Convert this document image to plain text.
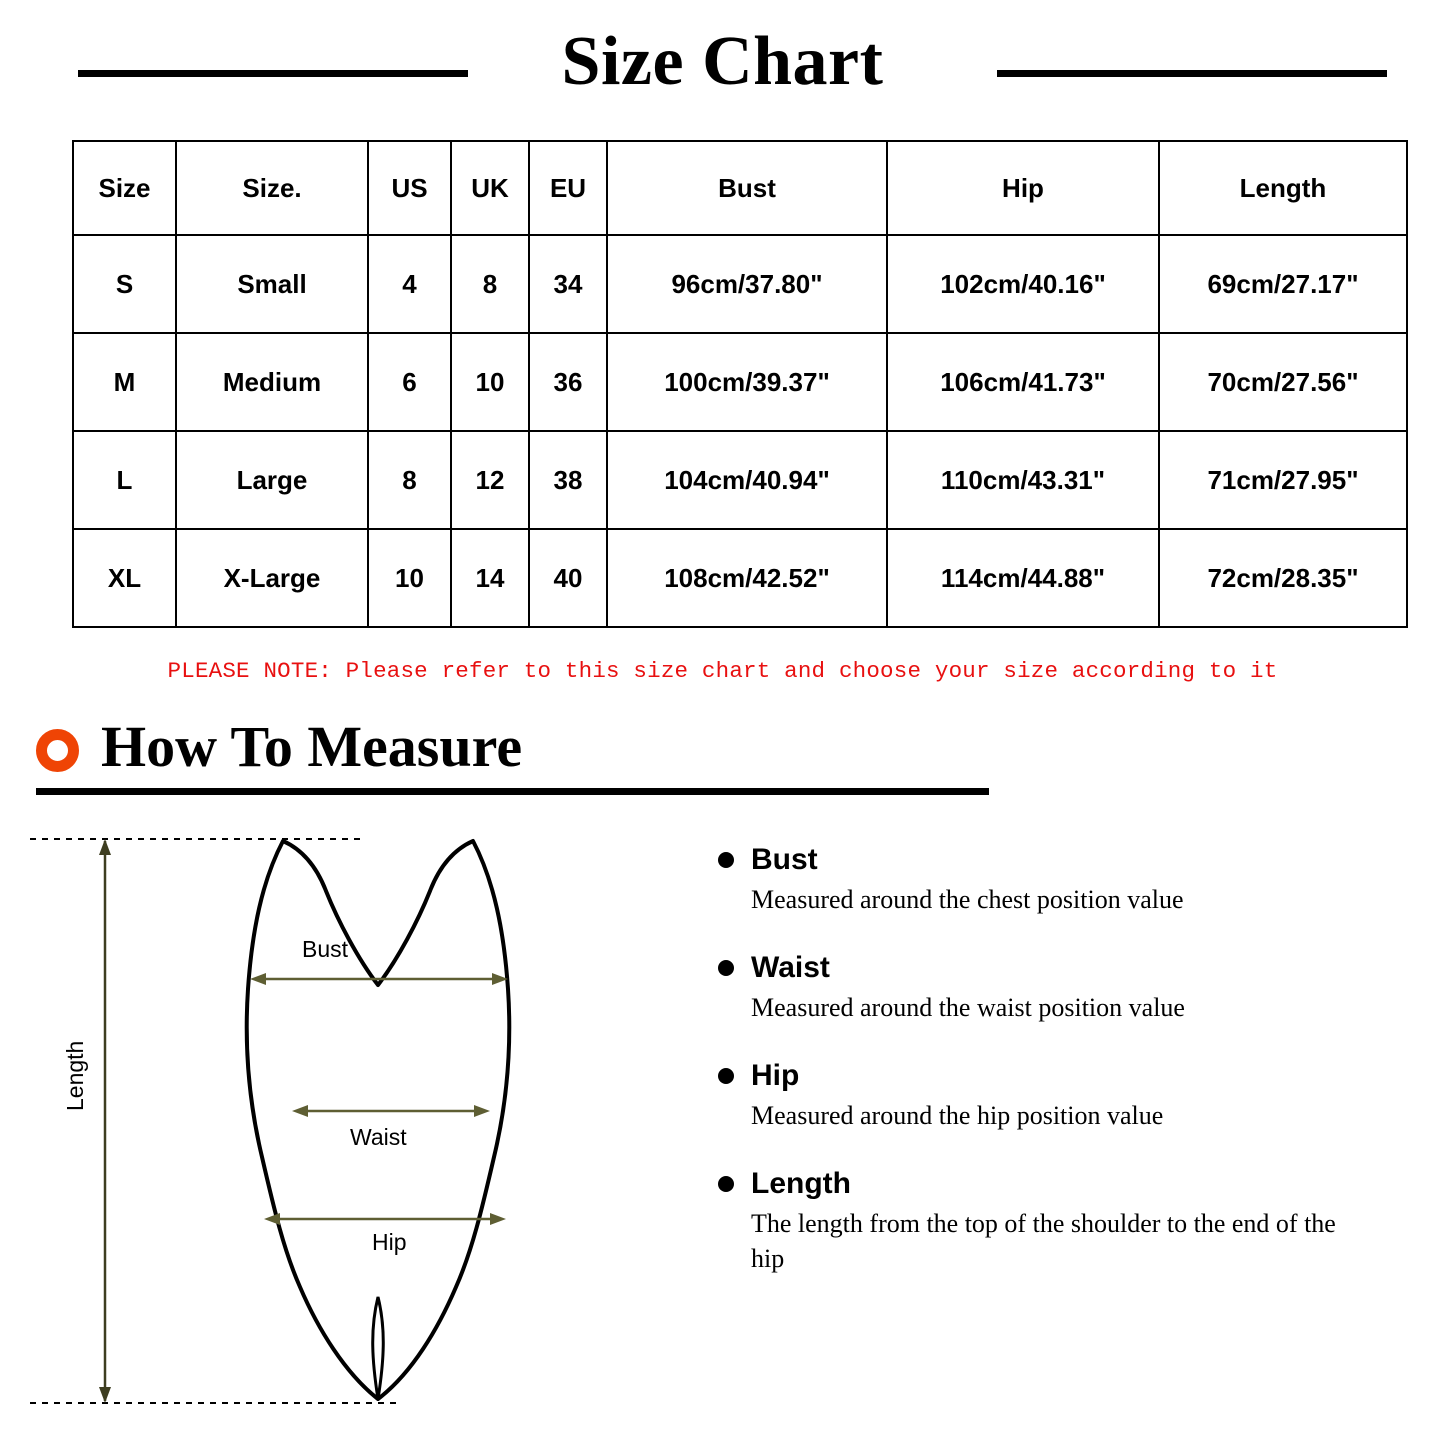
Size Chart
Size	Size.	US	UK	EU	Bust	Hip	Length
S	Small	4	8	34	96cm/37.80"	102cm/40.16"	69cm/27.17"
M	Medium	6	10	36	100cm/39.37"	106cm/41.73"	70cm/27.56"
L	Large	8	12	38	104cm/40.94"	110cm/43.31"	71cm/27.95"
XL	X-Large	10	14	40	108cm/42.52"	114cm/44.88"	72cm/28.35"
PLEASE NOTE: Please refer to this size chart and choose your size according to it
How To Measure
Bust
Waist
Hip
Length
Bust
Measured around the chest position value
Waist
Measured around the waist position value
Hip
Measured around the hip position value
Length
The length from the top of the shoulder to the end of the hip
